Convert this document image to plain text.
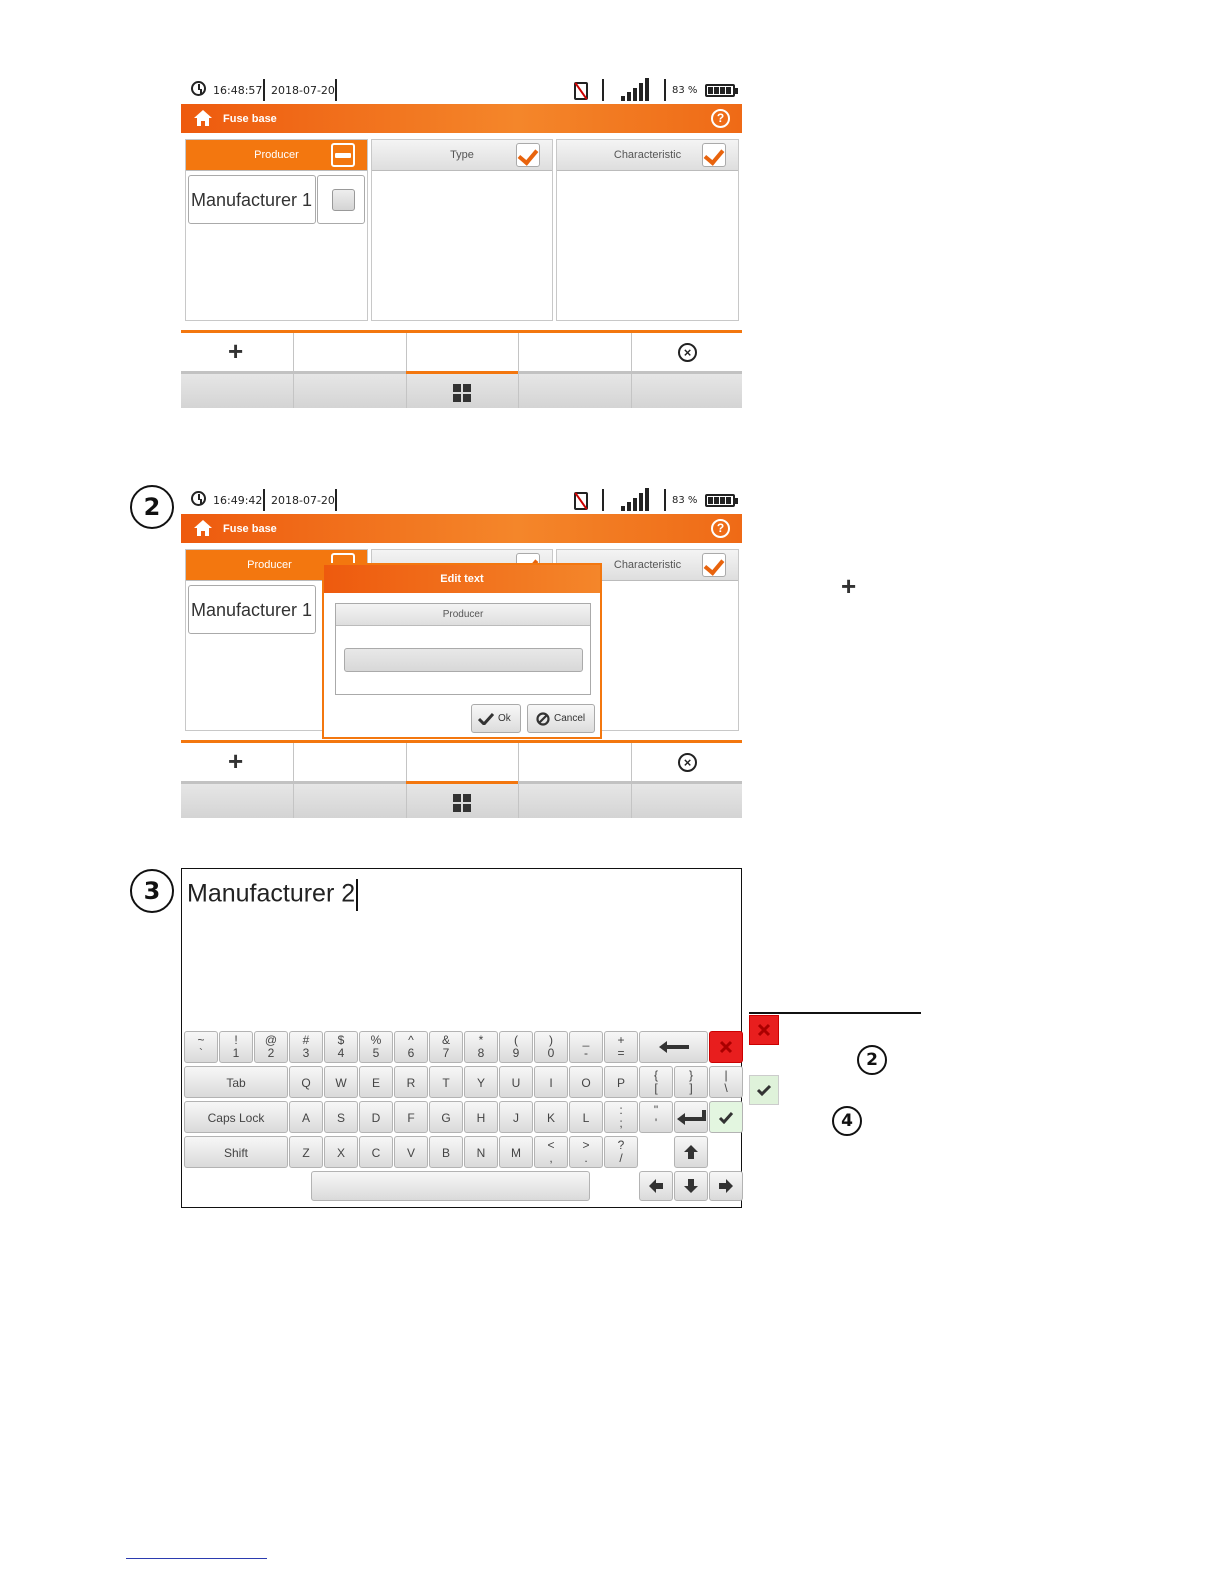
16:48:57 2018-07-20	83 %
Fuse base	?
Producer
Manufacturer 1
Type	Characteristic
+	×
2	16:49:42 2018-07-20	83 %
Fuse base	?
Producer
Manufacturer 1
Characteristic
Edit text
Producer
Ok	Cancel
+	×
+
3	Manufacturer 2
~
`
!
1
@
2
#
3
$
4
%
5
^
6
&
7
*
8
(
9
)
0
_
-
+
=
Tab	Q	W	E	R	T	Y	U	I	O	P
{
[
}
]
|
\
Caps Lock	A	S	D	F	G	H	J	K	L
:
;
"
'
Shift	Z	X	C	V	B	N	M
<
,
>
.
?
/
2
4
